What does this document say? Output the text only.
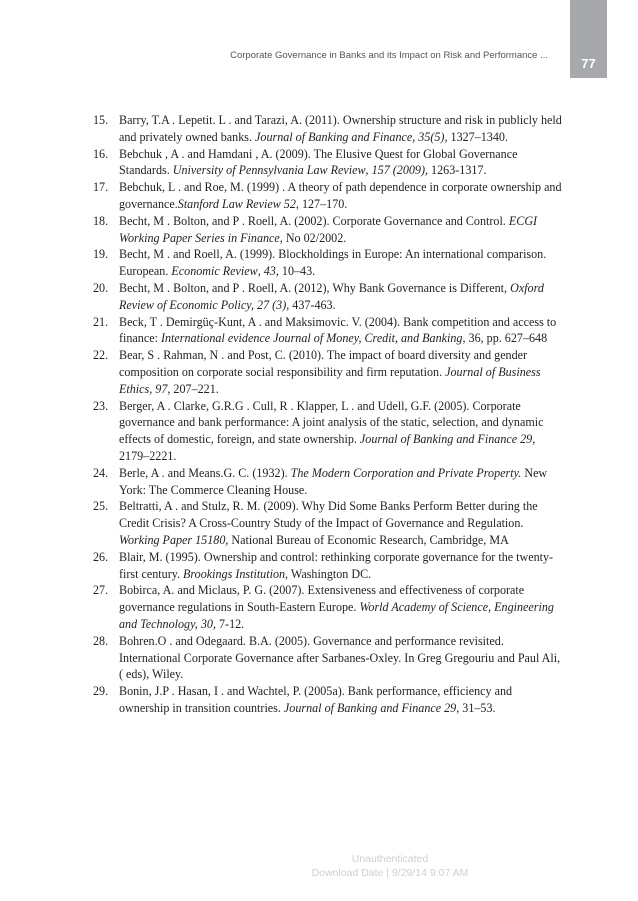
Corporate Governance in Banks and its Impact on Risk and Performance ...
77
15. Barry, T.A . Lepetit. L . and Tarazi, A. (2011). Ownership structure and risk in publicly held and privately owned banks. Journal of Banking and Finance, 35(5), 1327–1340.
16. Bebchuk , A . and Hamdani , A. (2009). The Elusive Quest for Global Governance Standards. University of Pennsylvania Law Review, 157 (2009), 1263-1317.
17. Bebchuk, L . and Roe, M. (1999) . A theory of path dependence in corporate ownership and governance.Stanford Law Review 52, 127–170.
18. Becht, M . Bolton, and P . Roell, A. (2002). Corporate Governance and Control. ECGI Working Paper Series in Finance, No 02/2002.
19. Becht, M . and Roell, A. (1999). Blockholdings in Europe: An international comparison. European. Economic Review, 43, 10–43.
20. Becht, M . Bolton, and P . Roell, A. (2012), Why Bank Governance is Different, Oxford Review of Economic Policy, 27 (3), 437-463.
21. Beck, T . Demirgüç-Kunt, A . and Maksimovic. V. (2004). Bank competition and access to finance: International evidence Journal of Money, Credit, and Banking, 36, pp. 627–648
22. Bear, S . Rahman, N . and Post, C. (2010). The impact of board diversity and gender composition on corporate social responsibility and firm reputation. Journal of Business Ethics, 97, 207–221.
23. Berger, A . Clarke, G.R.G . Cull, R . Klapper, L . and Udell, G.F. (2005). Corporate governance and bank performance: A joint analysis of the static, selection, and dynamic effects of domestic, foreign, and state ownership. Journal of Banking and Finance 29, 2179–2221.
24. Berle, A . and Means.G. C. (1932). The Modern Corporation and Private Property. New York: The Commerce Cleaning House.
25. Beltratti, A . and Stulz, R. M. (2009). Why Did Some Banks Perform Better during the Credit Crisis? A Cross-Country Study of the Impact of Governance and Regulation. Working Paper 15180, National Bureau of Economic Research, Cambridge, MA
26. Blair, M. (1995). Ownership and control: rethinking corporate governance for the twenty-first century. Brookings Institution, Washington DC.
27. Bobirca, A. and Miclaus, P. G. (2007). Extensiveness and effectiveness of corporate governance regulations in South-Eastern Europe. World Academy of Science, Engineering and Technology, 30, 7-12.
28. Bohren.O . and Odegaard. B.A. (2005). Governance and performance revisited. International Corporate Governance after Sarbanes-Oxley. In Greg Gregouriu and Paul Ali, ( eds), Wiley.
29. Bonin, J.P . Hasan, I . and Wachtel, P. (2005a). Bank performance, efficiency and ownership in transition countries. Journal of Banking and Finance 29, 31–53.
Unauthenticated
Download Date | 9/29/14 9:07 AM
